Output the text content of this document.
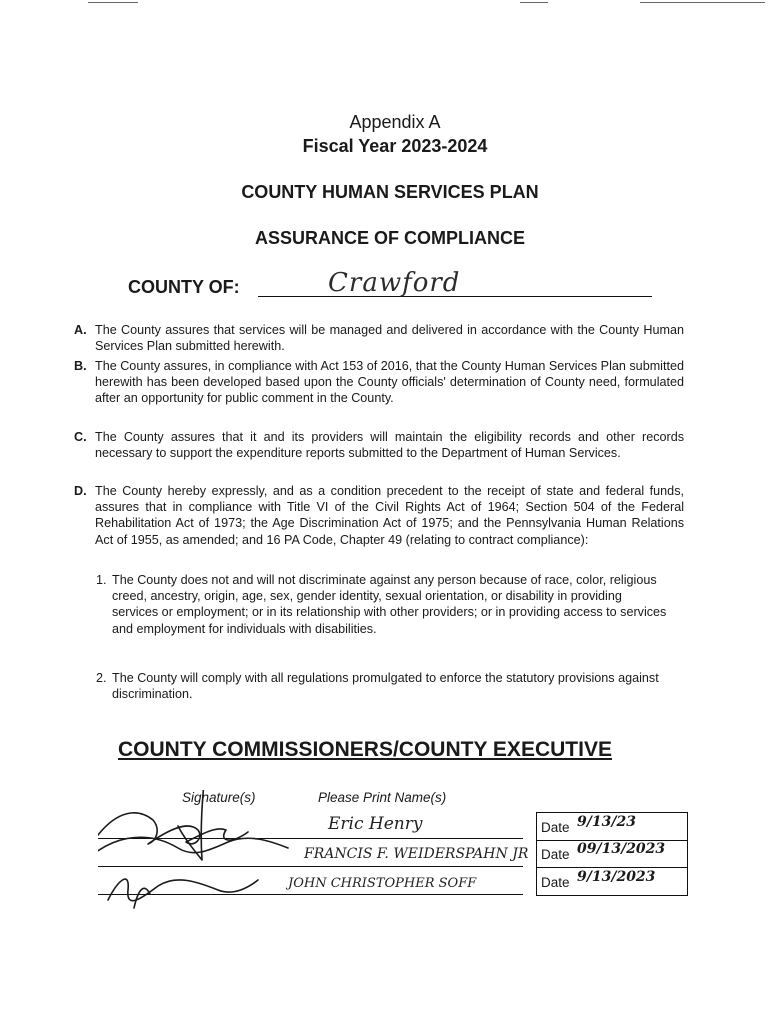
Appendix A
Fiscal Year 2023-2024
COUNTY HUMAN SERVICES PLAN
ASSURANCE OF COMPLIANCE
COUNTY OF:	Crawford
A. The County assures that services will be managed and delivered in accordance with the County Human Services Plan submitted herewith.
B. The County assures, in compliance with Act 153 of 2016, that the County Human Services Plan submitted herewith has been developed based upon the County officials' determination of County need, formulated after an opportunity for public comment in the County.
C. The County assures that it and its providers will maintain the eligibility records and other records necessary to support the expenditure reports submitted to the Department of Human Services.
D. The County hereby expressly, and as a condition precedent to the receipt of state and federal funds, assures that in compliance with Title VI of the Civil Rights Act of 1964; Section 504 of the Federal Rehabilitation Act of 1973; the Age Discrimination Act of 1975; and the Pennsylvania Human Relations Act of 1955, as amended; and 16 PA Code, Chapter 49 (relating to contract compliance):
1. The County does not and will not discriminate against any person because of race, color, religious creed, ancestry, origin, age, sex, gender identity, sexual orientation, or disability in providing services or employment; or in its relationship with other providers; or in providing access to services and employment for individuals with disabilities.
2. The County will comply with all regulations promulgated to enforce the statutory provisions against discrimination.
COUNTY COMMISSIONERS/COUNTY EXECUTIVE
Signature(s)	Please Print Name(s)
Eric Henry
FRANCIS F. WEIDERSPAHN JR
JOHN CHRISTOPHER SOFF
Date 9/13/23
Date 09/13/2023
Date 9/13/2023
